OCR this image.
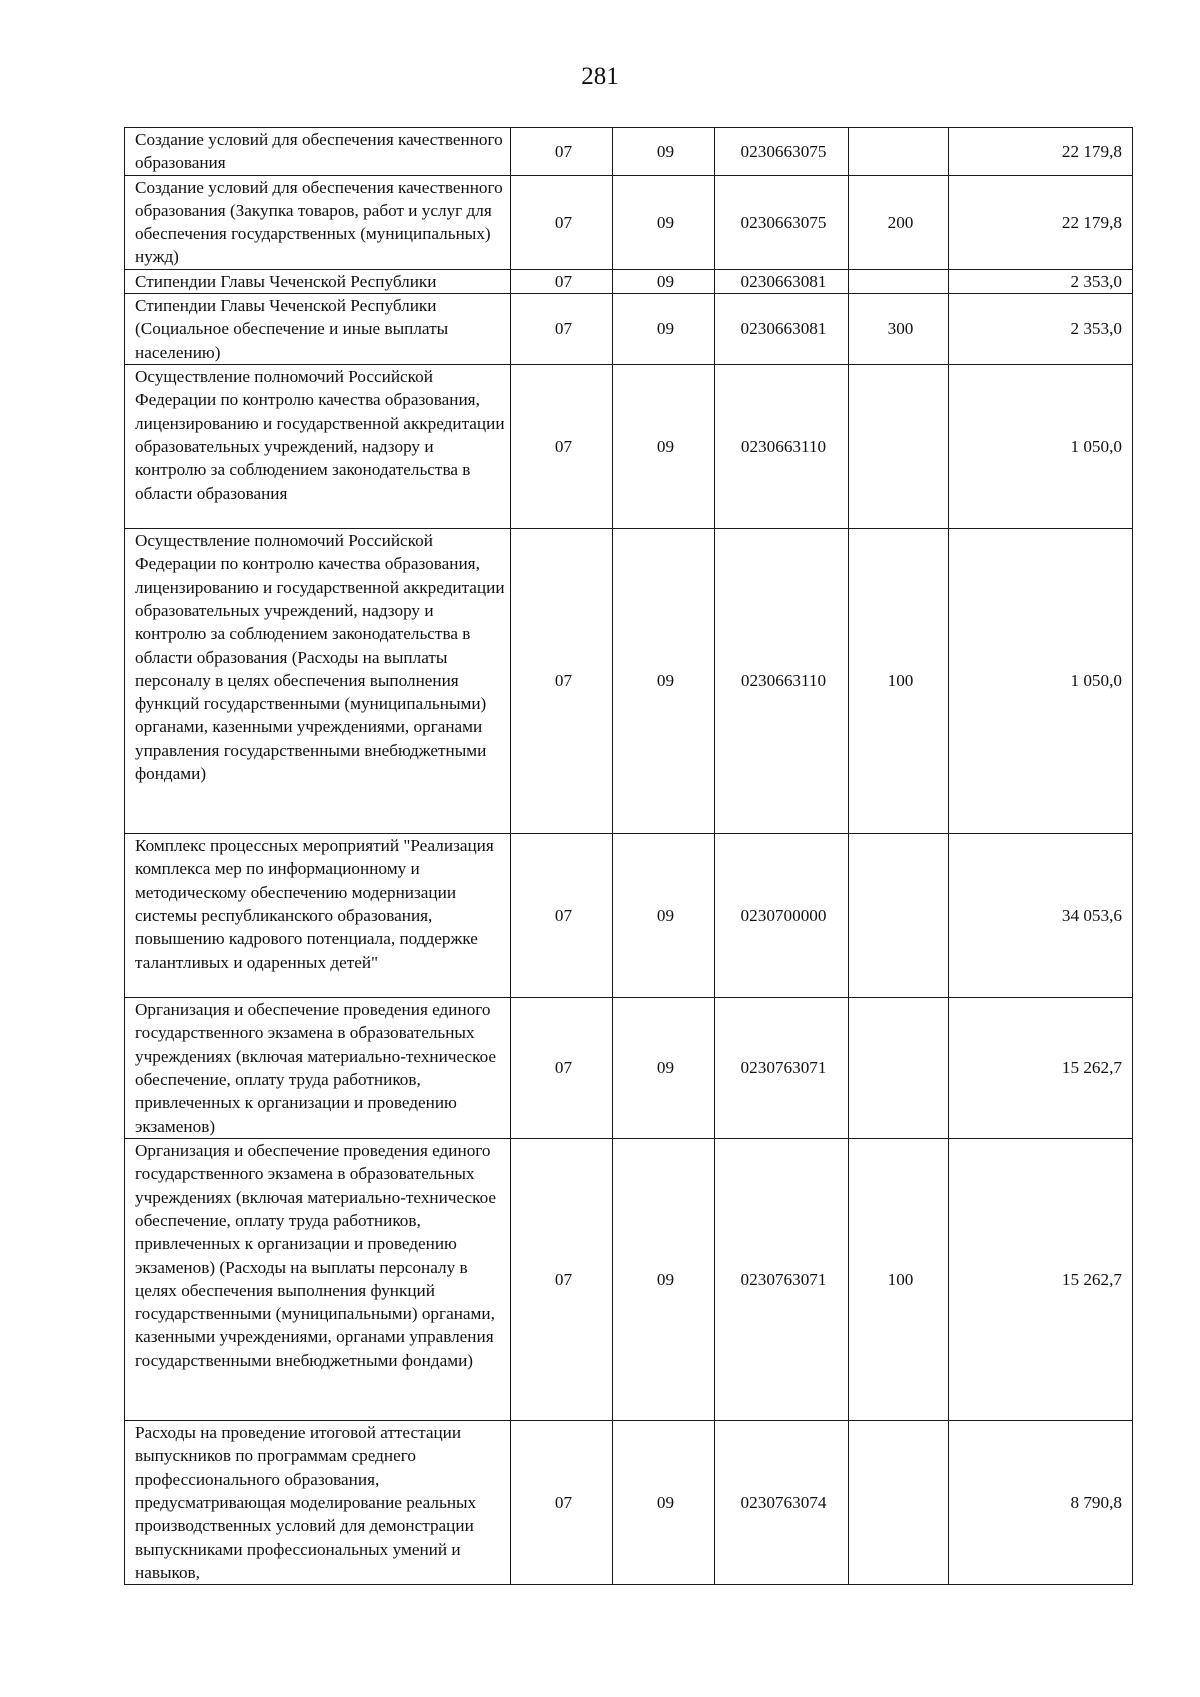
281
Создание условий для обеспечения качественного образования	07	09	0230663075		22 179,8
Создание условий для обеспечения качественного образования (Закупка товаров, работ и услуг для обеспечения государственных (муниципальных) нужд)	07	09	0230663075	200	22 179,8
Стипендии Главы Чеченской Республики	07	09	0230663081		2 353,0
Стипендии Главы Чеченской Республики (Социальное обеспечение и иные выплаты населению)	07	09	0230663081	300	2 353,0
Осуществление полномочий Российской Федерации по контролю качества образования, лицензированию и государственной аккредитации образовательных учреждений, надзору и контролю за соблюдением законодательства в области образования	07	09	0230663110		1 050,0
Осуществление полномочий Российской Федерации по контролю качества образования, лицензированию и государственной аккредитации образовательных учреждений, надзору и контролю за соблюдением законодательства в области образования (Расходы на выплаты персоналу в целях обеспечения выполнения функций государственными (муниципальными) органами, казенными учреждениями, органами управления государственными внебюджетными фондами)	07	09	0230663110	100	1 050,0
Комплекс процессных мероприятий "Реализация комплекса мер по информационному и методическому обеспечению модернизации системы республиканского образования, повышению кадрового потенциала, поддержке талантливых и одаренных детей"	07	09	0230700000		34 053,6
Организация и обеспечение проведения единого государственного экзамена в образовательных учреждениях (включая материально-техническое обеспечение, оплату труда работников, привлеченных к организации и проведению экзаменов)	07	09	0230763071		15 262,7
Организация и обеспечение проведения единого государственного экзамена в образовательных учреждениях (включая материально-техническое обеспечение, оплату труда работников, привлеченных к организации и проведению экзаменов) (Расходы на выплаты персоналу в целях обеспечения выполнения функций государственными (муниципальными) органами, казенными учреждениями, органами управления государственными внебюджетными фондами)	07	09	0230763071	100	15 262,7
Расходы на проведение итоговой аттестации выпускников по программам среднего профессионального образования, предусматривающая моделирование реальных производственных условий для демонстрации выпускниками профессиональных умений и навыков,	07	09	0230763074		8 790,8
